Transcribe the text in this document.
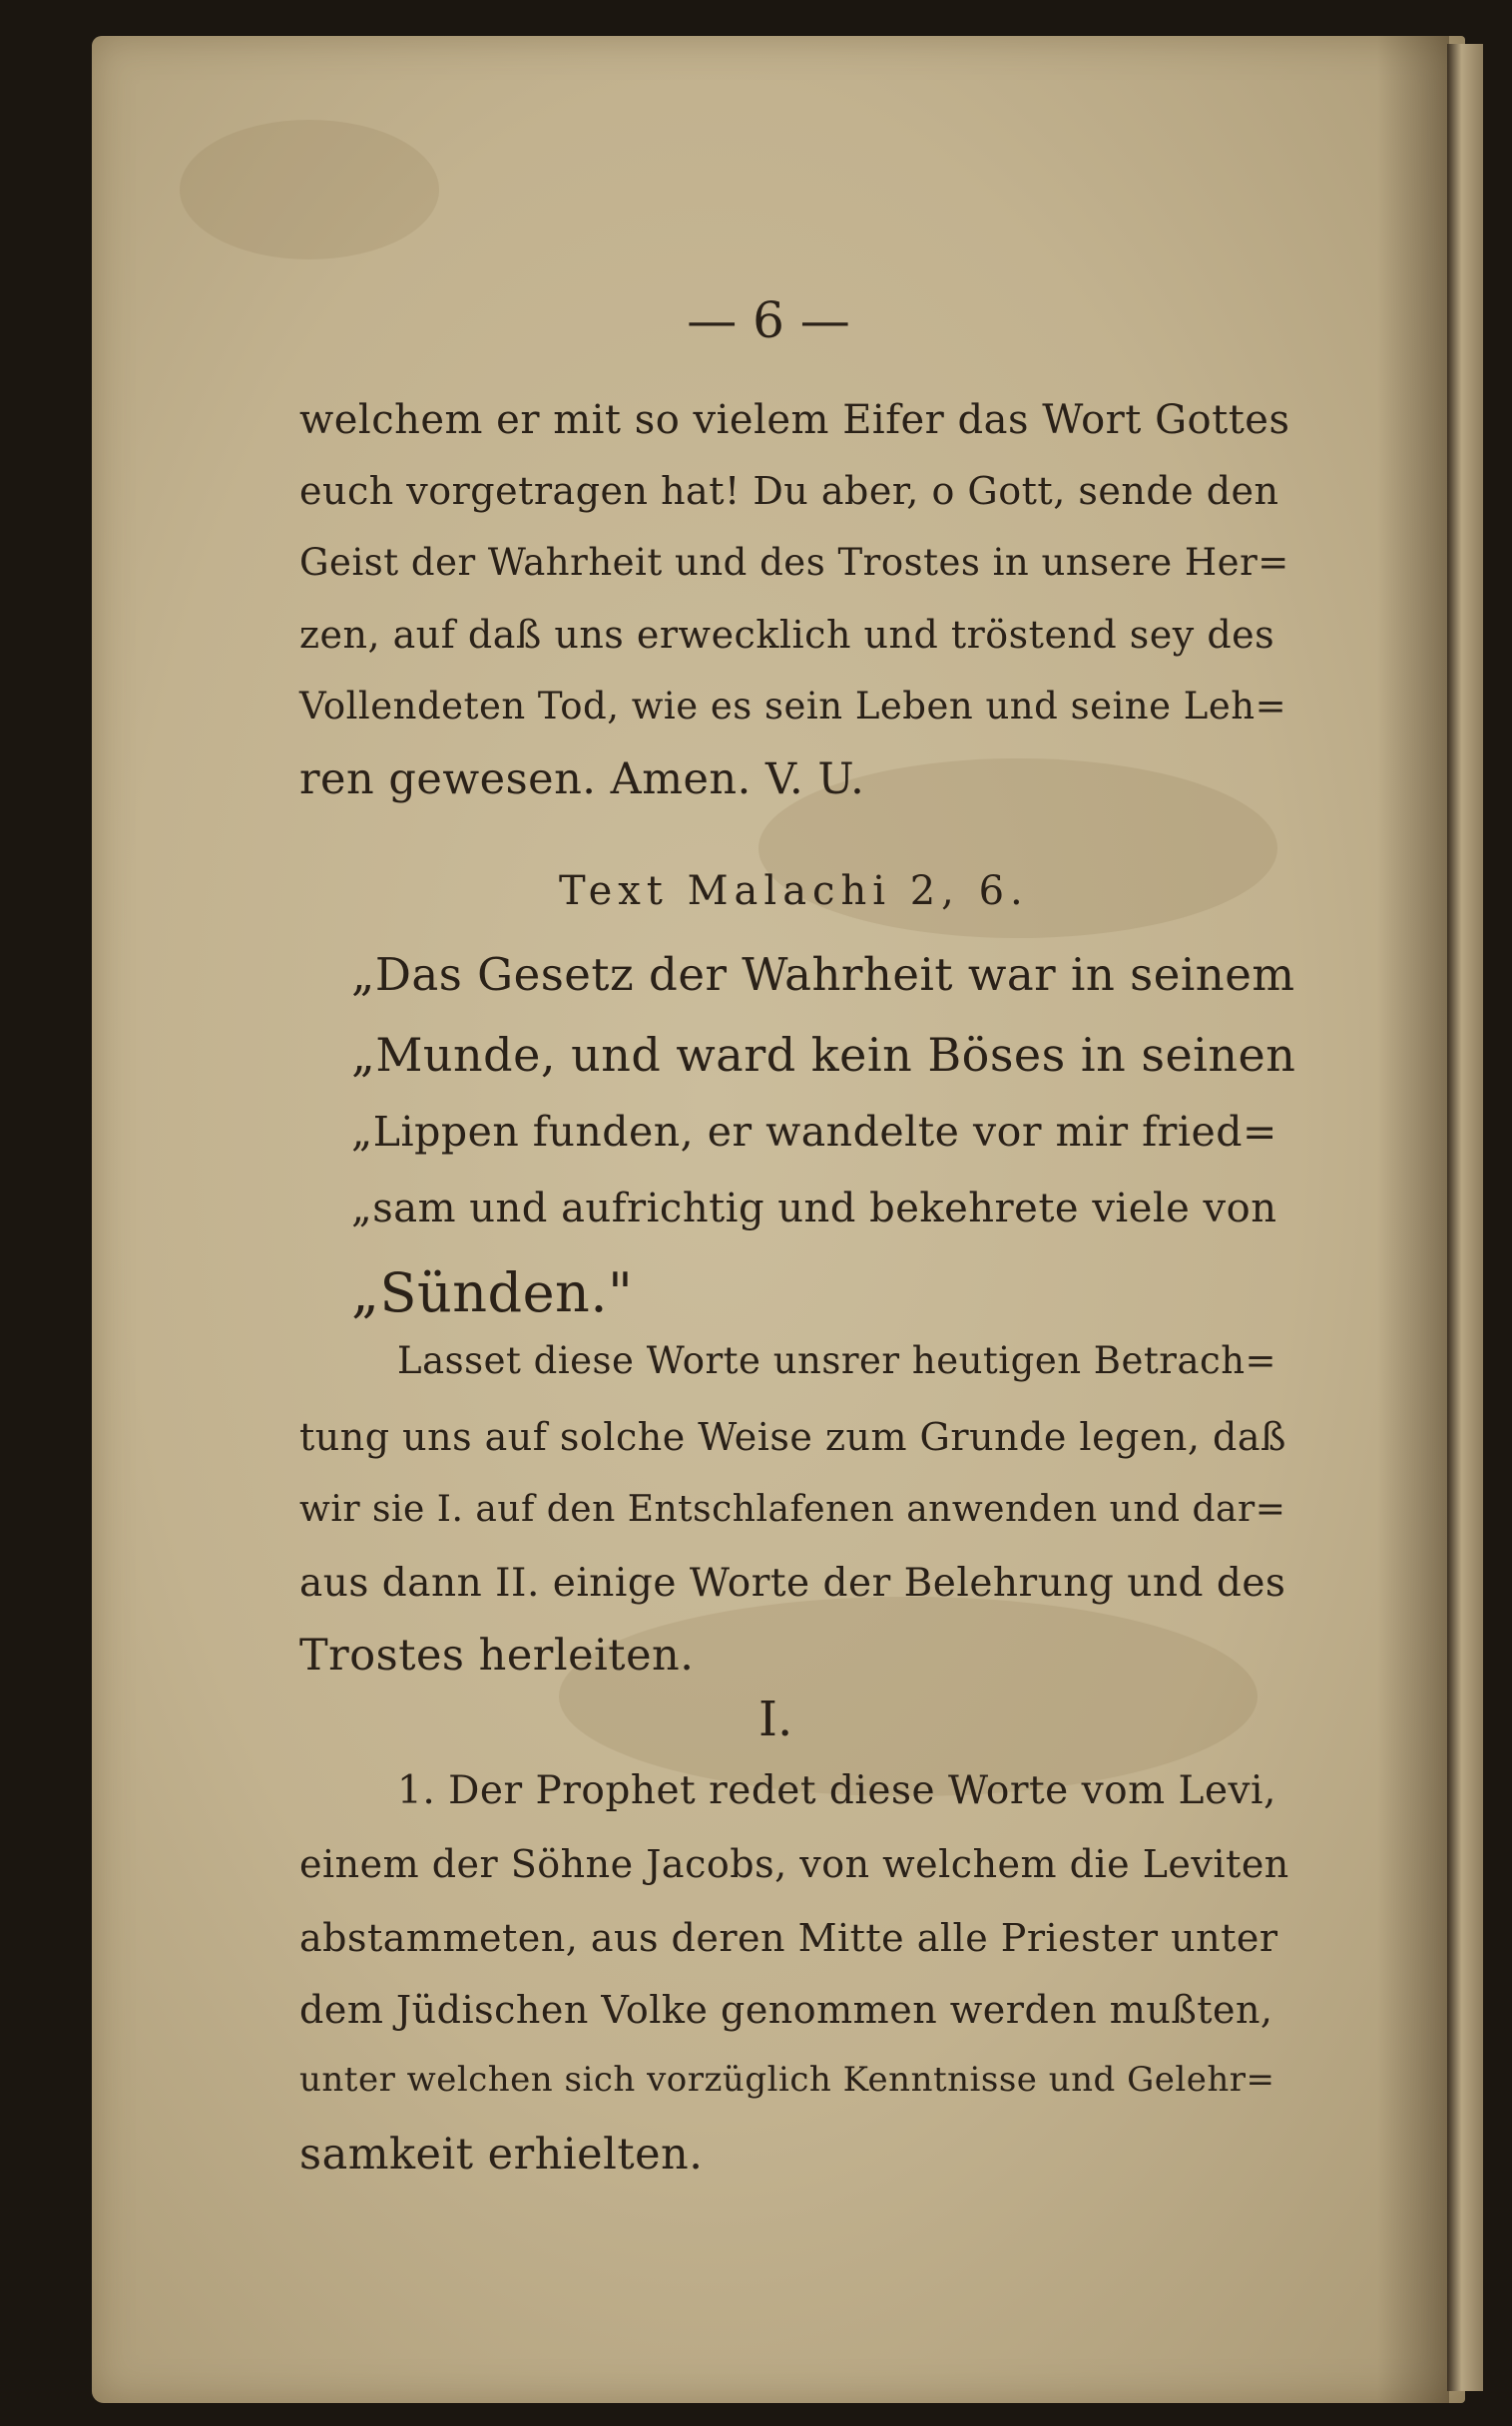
— 6 —
welchem er mit so vielem Eifer das Wort Gottes
euch vorgetragen hat! Du aber, o Gott, sende den
Geist der Wahrheit und des Trostes in unsere Her=
zen, auf daß uns erwecklich und tröstend sey des
Vollendeten Tod, wie es sein Leben und seine Leh=
ren gewesen. Amen. V. U.
Text Malachi 2, 6.
„Das Gesetz der Wahrheit war in seinem
„Munde, und ward kein Böses in seinen
„Lippen funden, er wandelte vor mir fried=
„sam und aufrichtig und bekehrete viele von
„Sünden."
Lasset diese Worte unsrer heutigen Betrach=
tung uns auf solche Weise zum Grunde legen, daß
wir sie I. auf den Entschlafenen anwenden und dar=
aus dann II. einige Worte der Belehrung und des
Trostes herleiten.
I.
1. Der Prophet redet diese Worte vom Levi,
einem der Söhne Jacobs, von welchem die Leviten
abstammeten, aus deren Mitte alle Priester unter
dem Jüdischen Volke genommen werden mußten,
unter welchen sich vorzüglich Kenntnisse und Gelehr=
samkeit erhielten.
